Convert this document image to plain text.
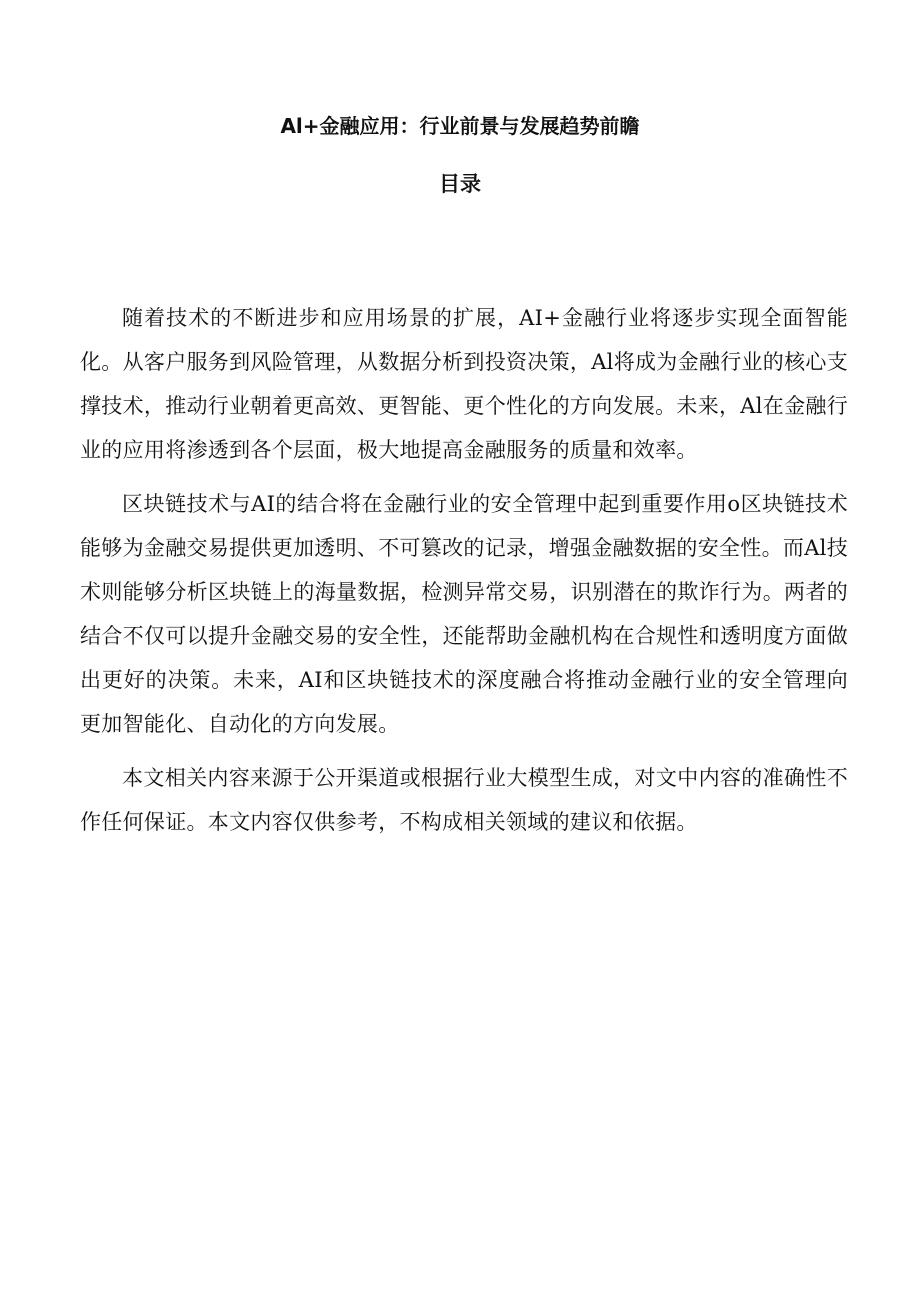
Al+金融应用：行业前景与发展趋势前瞻
目录

随着技术的不断进步和应用场景的扩展，AI+金融行业将逐步实现全面智能化。从客户服务到风险管理，从数据分析到投资决策，Al将成为金融行业的核心支撑技术，推动行业朝着更高效、更智能、更个性化的方向发展。未来，Al在金融行业的应用将渗透到各个层面，极大地提高金融服务的质量和效率。

区块链技术与AI的结合将在金融行业的安全管理中起到重要作用o区块链技术能够为金融交易提供更加透明、不可篡改的记录，增强金融数据的安全性。而Al技术则能够分析区块链上的海量数据，检测异常交易，识别潜在的欺诈行为。两者的结合不仅可以提升金融交易的安全性，还能帮助金融机构在合规性和透明度方面做出更好的决策。未来，AI和区块链技术的深度融合将推动金融行业的安全管理向更加智能化、自动化的方向发展。

本文相关内容来源于公开渠道或根据行业大模型生成，对文中内容的准确性不作任何保证。本文内容仅供参考，不构成相关领域的建议和依据。
